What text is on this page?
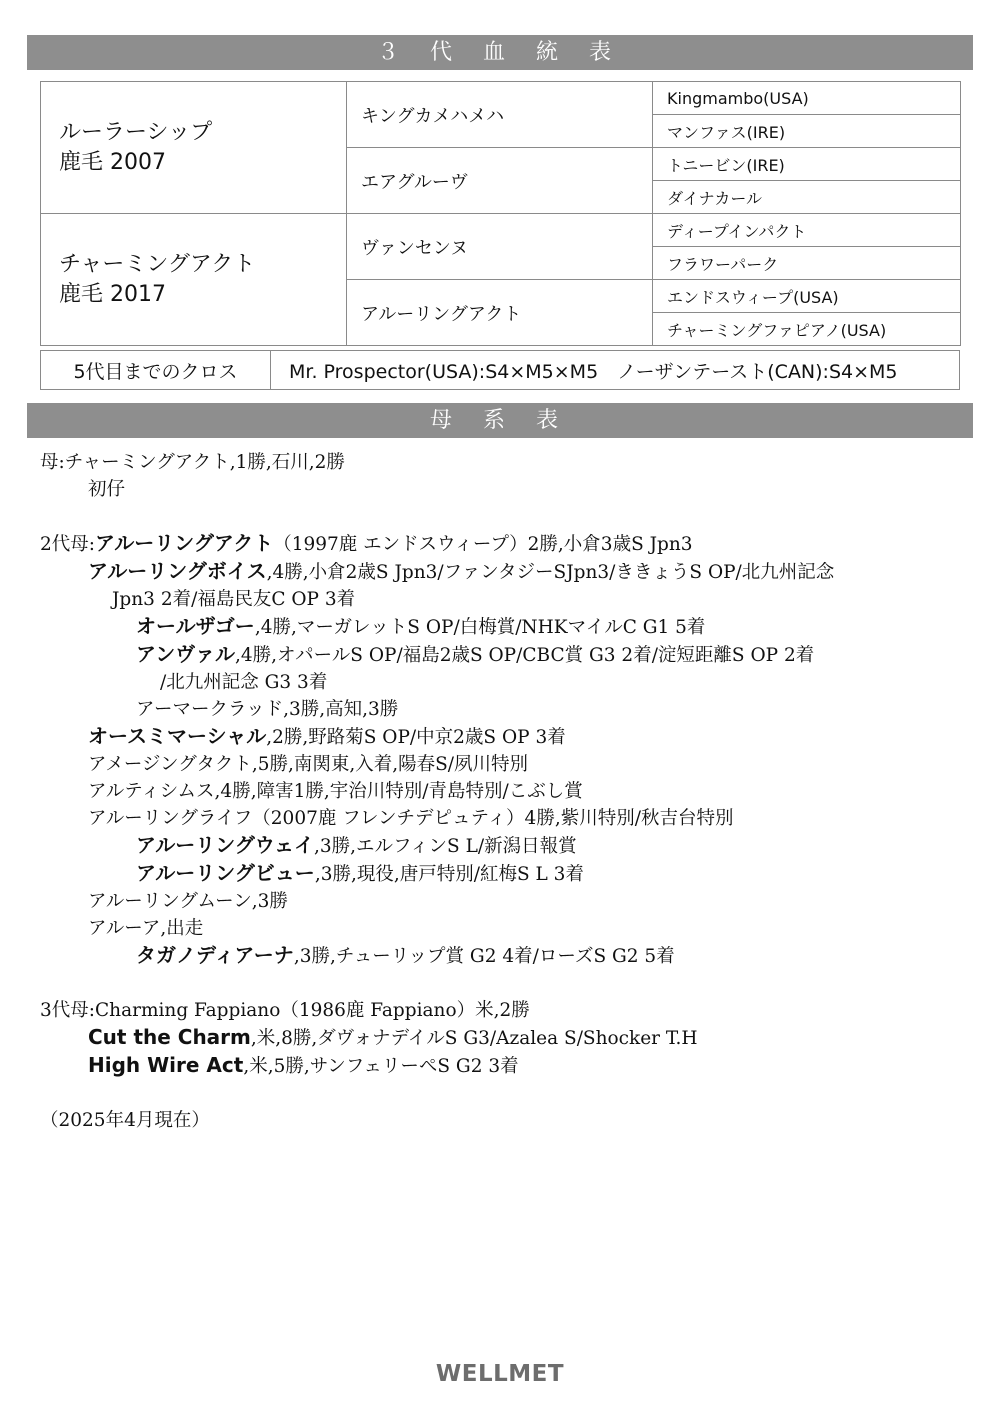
３ 代 血 統 表
ルーラーシップ
鹿毛 2007	キングカメハメハ	Kingmambo(USA)
		マンファス(IRE)
	エアグルーヴ	トニービン(IRE)
		ダイナカール

チャーミングアクト
鹿毛 2017	ヴァンセンヌ	ディープインパクト
		フラワーパーク
	アルーリングアクト	エンドスウィープ(USA)
		チャーミングファピアノ(USA)
5代目までのクロス	Mr. Prospector(USA):S4×M5×M5　ノーザンテースト(CAN):S4×M5
母 系 表

母:チャーミングアクト,1勝,石川,2勝

初仔

2代母:アルーリングアクト（1997鹿 エンドスウィープ）2勝,小倉3歳S Jpn3

アルーリングボイス,4勝,小倉2歳S Jpn3/ファンタジーSJpn3/ききょうS OP/北九州記念

Jpn3 2着/福島民友C OP 3着

オールザゴー,4勝,マーガレットS OP/白梅賞/NHKマイルC G1 5着

アンヴァル,4勝,オパールS OP/福島2歳S OP/CBC賞 G3 2着/淀短距離S OP 2着

/北九州記念 G3 3着

アーマークラッド,3勝,高知,3勝

オースミマーシャル,2勝,野路菊S OP/中京2歳S OP 3着

アメージングタクト,5勝,南関東,入着,陽春S/夙川特別

アルティシムス,4勝,障害1勝,宇治川特別/青島特別/こぶし賞

アルーリングライフ（2007鹿 フレンチデピュティ）4勝,紫川特別/秋吉台特別

アルーリングウェイ,3勝,エルフィンS L/新潟日報賞

アルーリングビュー,3勝,現役,唐戸特別/紅梅S L 3着

アルーリングムーン,3勝

アルーア,出走

タガノディアーナ,3勝,チューリップ賞 G2 4着/ローズS G2 5着

3代母:Charming Fappiano（1986鹿 Fappiano）米,2勝

Cut the Charm,米,8勝,ダヴォナデイルS G3/Azalea S/Shocker T.H

High Wire Act,米,5勝,サンフェリーペS G2 3着

（2025年4月現在）

WELLMET
